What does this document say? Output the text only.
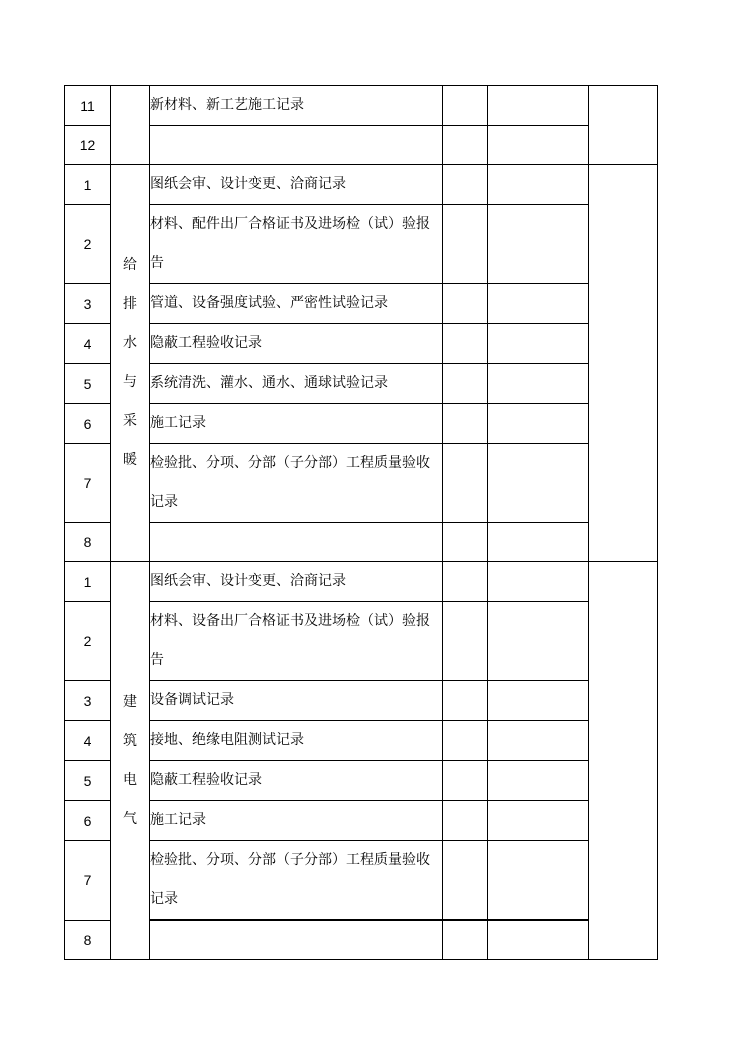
11		新材料、新工艺施工记录			
12					
1	给排水与采暖	图纸会审、设计变更、洽商记录			
2		材料、配件出厂合格证书及进场检（试）验报告			
3		管道、设备强度试验、严密性试验记录			
4		隐蔽工程验收记录			
5		系统清洗、灌水、通水、通球试验记录			
6		施工记录			
7		检验批、分项、分部（子分部）工程质量验收记录			
8					
1	建筑电气	图纸会审、设计变更、洽商记录			
2		材料、设备出厂合格证书及进场检（试）验报告			
3		设备调试记录			
4		接地、绝缘电阻测试记录			
5		隐蔽工程验收记录			
6		施工记录			
7		检验批、分项、分部（子分部）工程质量验收记录			
8					
